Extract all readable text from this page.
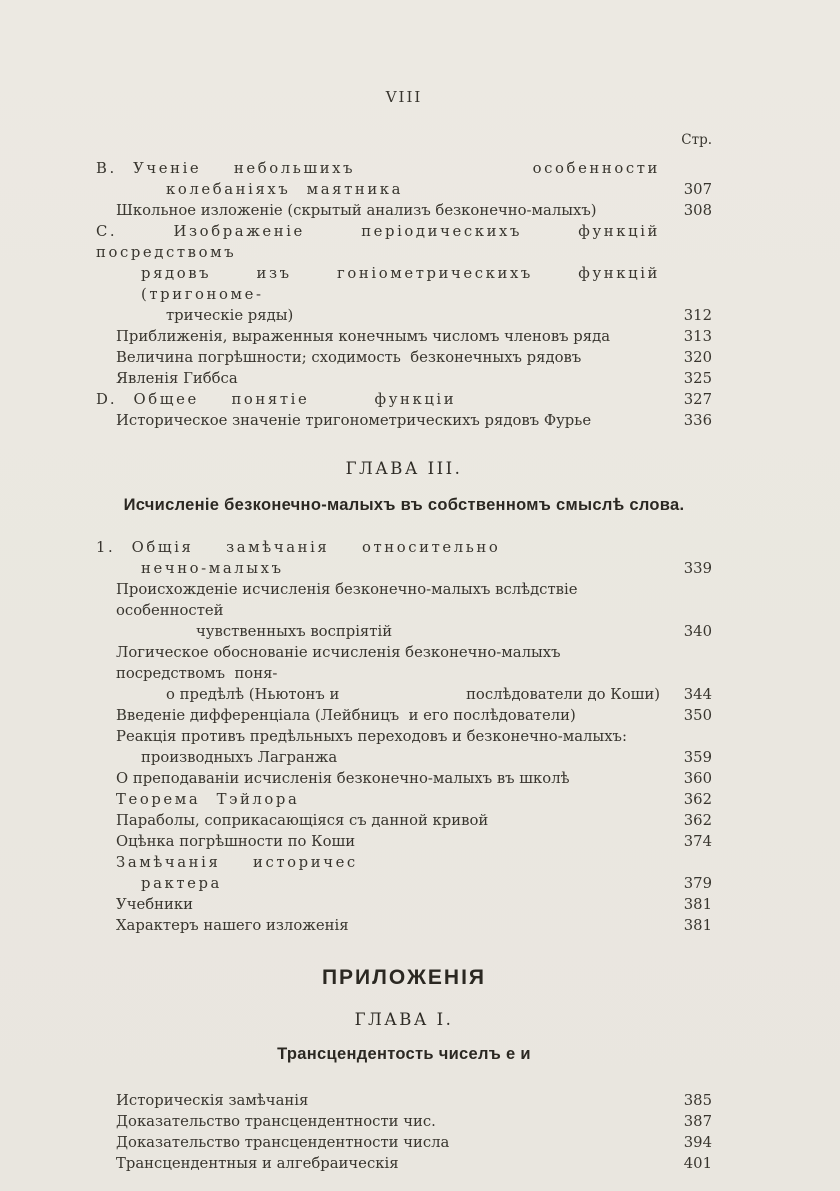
VIII
Стр.
В. Ученіе  небольшихъ	особенности
колебаніяхъ маятника	307
Школьное изложеніе (скрытый анализъ безконечно-малыхъ)	308
С. Изображеніе періодическихъ функцій посредствомъ
рядовъ изъ гоніометрическихъ функцій (тригономе-
трическіе ряды)	312
Приближенія, выраженныя конечнымъ числомъ членовъ ряда	313
Величина погрѣшности; сходимость  безконечныхъ рядовъ	320
Явленія Гиббса	325
D. Общее  понятіе    функціи	327
Историческое значеніе тригонометрическихъ рядовъ Фурье	336
ГЛАВА III.
Исчисленіе безконечно-малыхъ въ собственномъ смыслѣ слова.
1. Общія  замѣчанія  относительно
нечно-малыхъ	339
Происхожденіе исчисленія безконечно-малыхъ вслѣдствіе особенностей
чувственныхъ воспріятій	340
Логическое обоснованіе исчисленія безконечно-малыхъ  посредствомъ  поня-
о предѣлѣ (Ньютонъ и	послѣдователи до Коши)	344
Введеніе дифференціала (Лейбницъ  и его послѣдователи)	350
Реакція противъ предѣльныхъ переходовъ и безконечно-малыхъ:
производныхъ Лагранжа	359
О преподаваніи исчисленія безконечно-малыхъ въ школѣ	360
Теорема Тэйлора	362
Параболы, соприкасающіяся съ данной кривой	362
Оцѣнка погрѣшности по Коши	374
Замѣчанія  историчес
рактера	379
Учебники	381
Характеръ нашего изложенія	381
ПРИЛОЖЕНІЯ
ГЛАВА I.
Трансцендентость чиселъ e и
Историческія замѣчанія	385
Доказательство трансцендентности чис.	387
Доказательство трансцендентности числа	394
Трансцендентныя и алгебраическія	401
